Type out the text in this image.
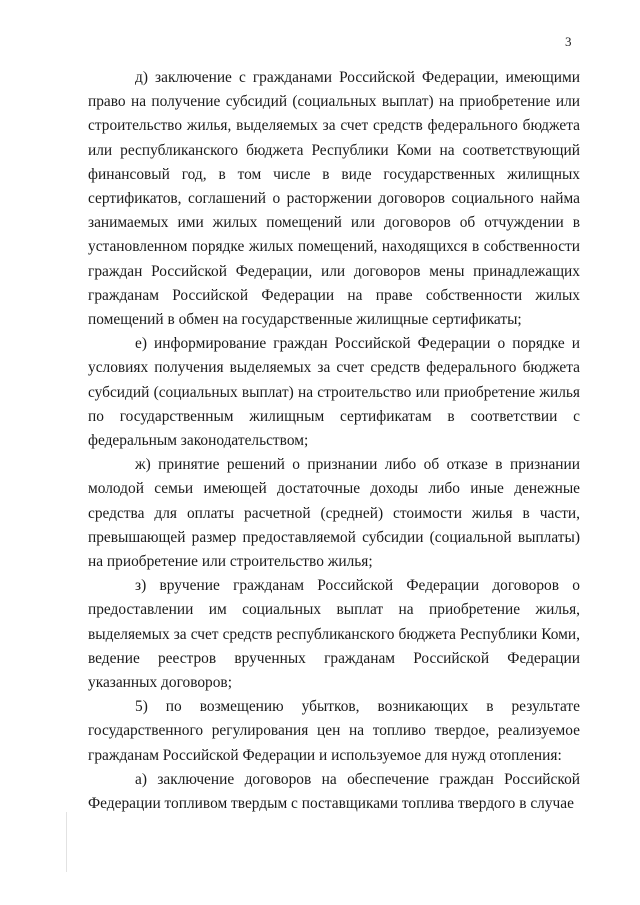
3

д) заключение с гражданами Российской Федерации, имеющими право на получение субсидий (социальных выплат) на приобретение или строительство жилья, выделяемых за счет средств федерального бюджета или республиканского бюджета Республики Коми на соответствующий финансовый год, в том числе в виде государственных жилищных сертификатов, соглашений о расторжении договоров социального найма занимаемых ими жилых помещений или договоров об отчуждении в установленном порядке жилых помещений, находящихся в собственности граждан Российской Федерации, или договоров мены принадлежащих гражданам Российской Федерации на праве собственности жилых помещений в обмен на государственные жилищные сертификаты;

е) информирование граждан Российской Федерации о порядке и условиях получения выделяемых за счет средств федерального бюджета субсидий (социальных выплат) на строительство или приобретение жилья по государственным жилищным сертификатам в соответствии с федеральным законодательством;

ж) принятие решений о признании либо об отказе в признании молодой семьи имеющей достаточные доходы либо иные денежные средства для оплаты расчетной (средней) стоимости жилья в части, превышающей размер предоставляемой субсидии (социальной выплаты) на приобретение или строительство жилья;

з) вручение гражданам Российской Федерации договоров о предоставлении им социальных выплат на приобретение жилья, выделяемых за счет средств республиканского бюджета Республики Коми, ведение реестров врученных гражданам Российской Федерации указанных договоров;

5) по возмещению убытков, возникающих в результате государственного регулирования цен на топливо твердое, реализуемое гражданам Российской Федерации и используемое для нужд отопления:

а) заключение договоров на обеспечение граждан Российской Федерации топливом твердым с поставщиками топлива твердого в случае
